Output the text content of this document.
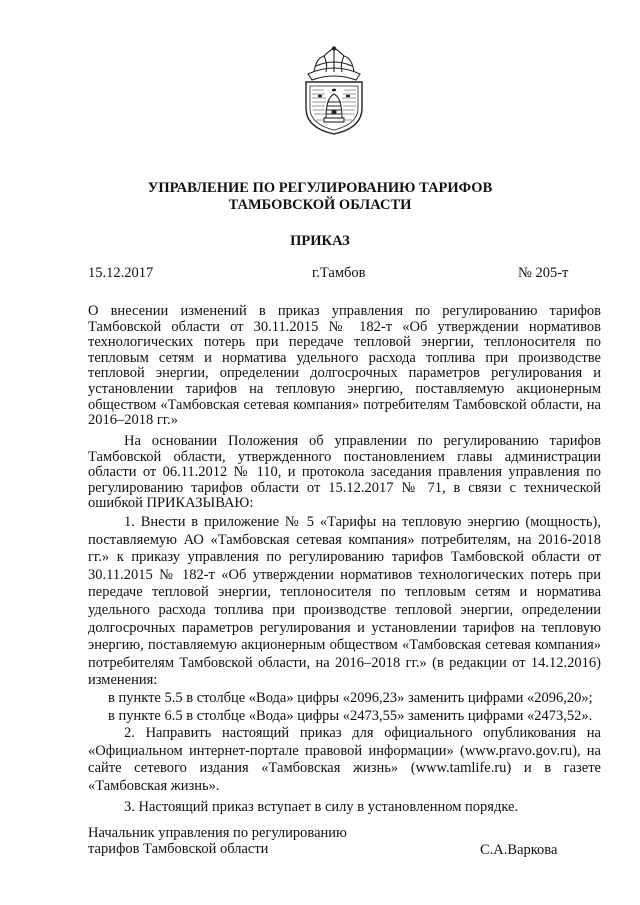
УПРАВЛЕНИЕ ПО РЕГУЛИРОВАНИЮ ТАРИФОВ
ТАМБОВСКОЙ ОБЛАСТИ
ПРИКАЗ
15.12.2017	г.Тамбов	№ 205-т

О внесении изменений в приказ управления по регулированию тарифов Тамбовской области от 30.11.2015 № 182-т «Об утверждении нормативов технологических потерь при передаче тепловой энергии, теплоносителя по тепловым сетям и норматива удельного расхода топлива при производстве тепловой энергии, определении долгосрочных параметров регулирования и установлении тарифов на тепловую энергию, поставляемую акционерным обществом «Тамбовская сетевая компания» потребителям Тамбовской области, на 2016–2018 гг.»

На основании Положения об управлении по регулированию тарифов Тамбовской области, утвержденного постановлением главы администрации области от 06.11.2012 № 110, и протокола заседания правления управления по регулированию тарифов области от 15.12.2017 № 71, в связи с технической ошибкой ПРИКАЗЫВАЮ:

1. Внести в приложение № 5 «Тарифы на тепловую энергию (мощность), поставляемую АО «Тамбовская сетевая компания» потребителям, на 2016-2018 гг.» к приказу управления по регулированию тарифов Тамбовской области от 30.11.2015 № 182-т «Об утверждении нормативов технологических потерь при передаче тепловой энергии, теплоносителя по тепловым сетям и норматива удельного расхода топлива при производстве тепловой энергии, определении долгосрочных параметров регулирования и установлении тарифов на тепловую энергию, поставляемую акционерным обществом «Тамбовская сетевая компания» потребителям Тамбовской области, на 2016–2018 гг.» (в редакции от 14.12.2016) изменения:

в пункте 5.5 в столбце «Вода» цифры «2096,23» заменить цифрами «2096,20»;

в пункте 6.5 в столбце «Вода» цифры «2473,55» заменить цифрами «2473,52».

2. Направить настоящий приказ для официального опубликования на «Официальном интернет-портале правовой информации» (www.pravo.gov.ru), на сайте сетевого издания «Тамбовская жизнь» (www.tamlife.ru) и в газете «Тамбовская жизнь».

3. Настоящий приказ вступает в силу в установленном порядке.

Начальник управления по регулированию
тарифов Тамбовской области	С.А.Варкова
